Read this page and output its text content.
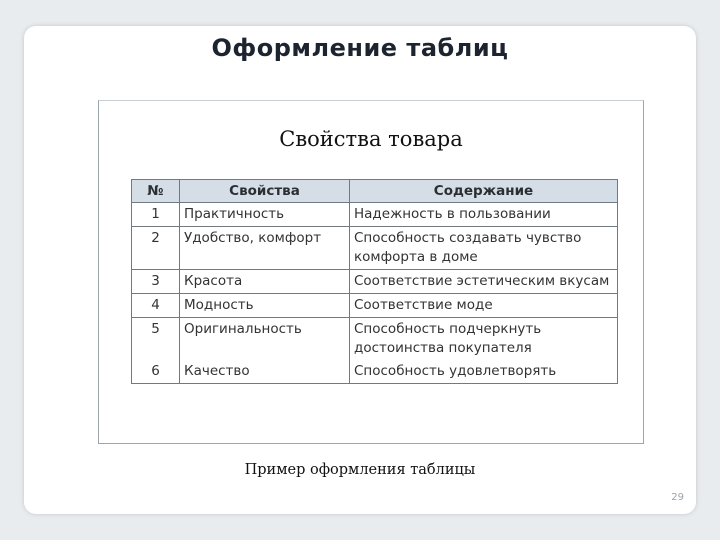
Оформление таблиц
Свойства товара
№	Свойства	Содержание
1	Практичность	Надежность в пользовании
2	Удобство, комфорт	Способность создавать чувство комфорта в доме
3	Красота	Соответствие эстетическим вкусам
4	Модность	Соответствие моде
5	Оригинальность	Способность подчеркнуть достоинства покупателя
6	Качество	Способность удовлетворять
Пример оформления таблицы
29
